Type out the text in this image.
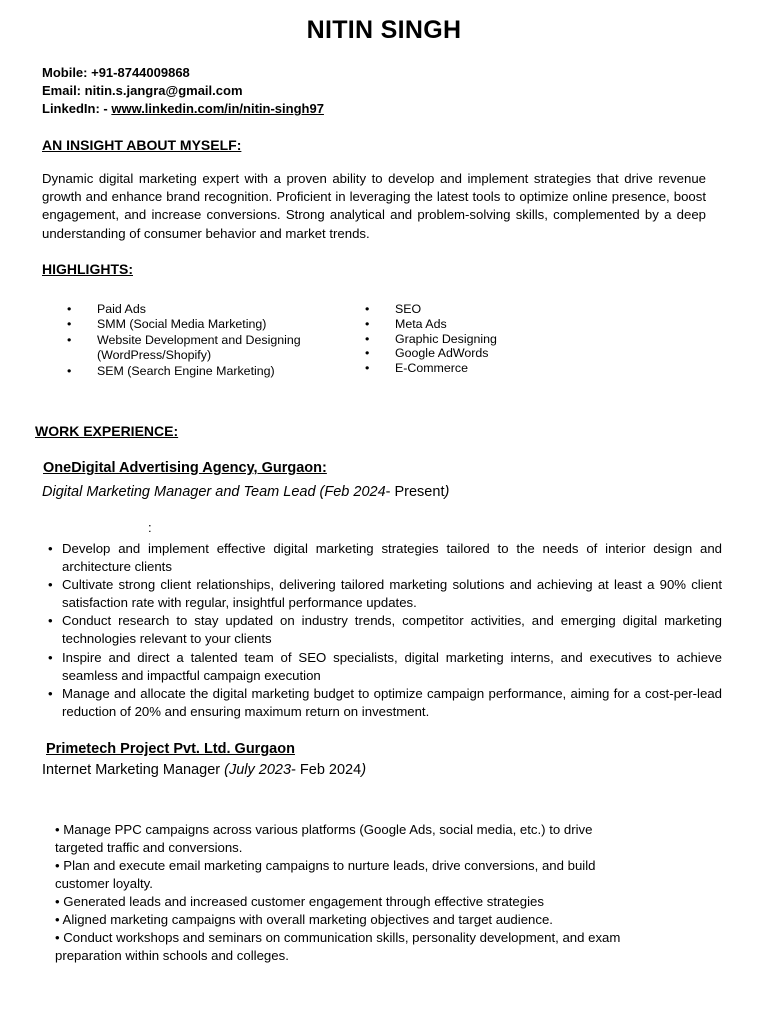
NITIN SINGH
Mobile: +91-8744009868
Email: nitin.s.jangra@gmail.com
LinkedIn: - www.linkedin.com/in/nitin-singh97
AN INSIGHT ABOUT MYSELF:
Dynamic digital marketing expert with a proven ability to develop and implement strategies that drive revenue growth and enhance brand recognition. Proficient in leveraging the latest tools to optimize online presence, boost engagement, and increase conversions. Strong analytical and problem-solving skills, complemented by a deep understanding of consumer behavior and market trends.
HIGHLIGHTS:
• Paid Ads
• SMM (Social Media Marketing)
• Website Development and Designing (WordPress/Shopify)
• SEM (Search Engine Marketing)
• SEO
• Meta Ads
• Graphic Designing
• Google AdWords
• E-Commerce
WORK EXPERIENCE:
OneDigital Advertising Agency, Gurgaon:
Digital Marketing Manager and Team Lead (Feb 2024- Present)
:
• Develop and implement effective digital marketing strategies tailored to the needs of interior design and architecture clients
• Cultivate strong client relationships, delivering tailored marketing solutions and achieving at least a 90% client satisfaction rate with regular, insightful performance updates.
• Conduct research to stay updated on industry trends, competitor activities, and emerging digital marketing technologies relevant to your clients
• Inspire and direct a talented team of SEO specialists, digital marketing interns, and executives to achieve seamless and impactful campaign execution
• Manage and allocate the digital marketing budget to optimize campaign performance, aiming for a cost-per-lead reduction of 20% and ensuring maximum return on investment.
Primetech Project Pvt. Ltd. Gurgaon
Internet Marketing Manager (July 2023- Feb 2024)
• Manage PPC campaigns across various platforms (Google Ads, social media, etc.) to drive
targeted traffic and conversions.
• Plan and execute email marketing campaigns to nurture leads, drive conversions, and build
customer loyalty.
• Generated leads and increased customer engagement through effective strategies
• Aligned marketing campaigns with overall marketing objectives and target audience.
• Conduct workshops and seminars on communication skills, personality development, and exam
preparation within schools and colleges.
